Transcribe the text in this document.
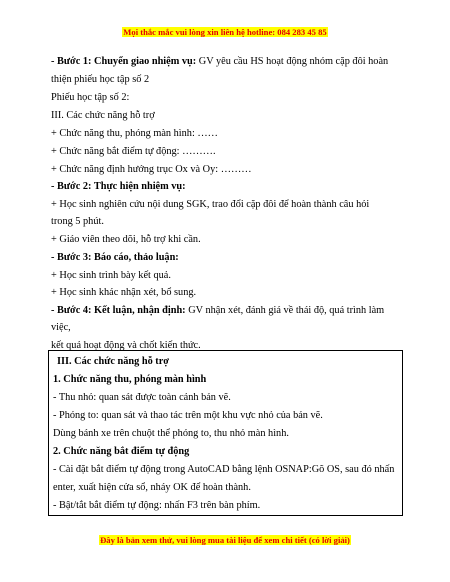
Mọi thắc mắc vui lòng xin liên hệ hotline: 084 283 45 85
- Bước 1: Chuyển giao nhiệm vụ: GV yêu cầu HS hoạt động nhóm cặp đôi hoàn
thiện phiếu học tập số 2
Phiếu học tập số 2:
III. Các chức năng hỗ trợ
+ Chức năng thu, phóng màn hình: ……
+ Chức năng bắt điểm tự động: ……….
+ Chức năng định hướng trục Ox và Oy: ………
- Bước 2: Thực hiện nhiệm vụ:
+ Học sinh nghiên cứu nội dung SGK, trao đổi cặp đôi để hoàn thành câu hỏi
trong 5 phút.
+ Giáo viên theo dõi, hỗ trợ khi cần.
- Bước 3: Báo cáo, thảo luận:
+ Học sinh trình bày kết quả.
+ Học sinh khác nhận xét, bổ sung.
- Bước 4: Kết luận, nhận định: GV nhận xét, đánh giá về thái độ, quá trình làm
việc,
kết quả hoạt động và chốt kiến thức.
III. Các chức năng hỗ trợ
1. Chức năng thu, phóng màn hình
- Thu nhỏ: quan sát được toàn cảnh bản vẽ.
- Phóng to: quan sát và thao tác trên một khu vực nhỏ của bản vẽ.
Dùng bánh xe trên chuột thể phóng to, thu nhỏ màn hình.
2. Chức năng bắt điểm tự động
- Cài đặt bắt điểm tự động trong AutoCAD bằng lệnh OSNAP:Gõ OS, sau đó nhấn
enter, xuất hiện cửa sổ, nháy OK để hoàn thành.
- Bật/tắt bắt điểm tự động: nhấn F3 trên bàn phím.
Đây là bản xem thử, vui lòng mua tài liệu để xem chi tiết (có lời giải)
